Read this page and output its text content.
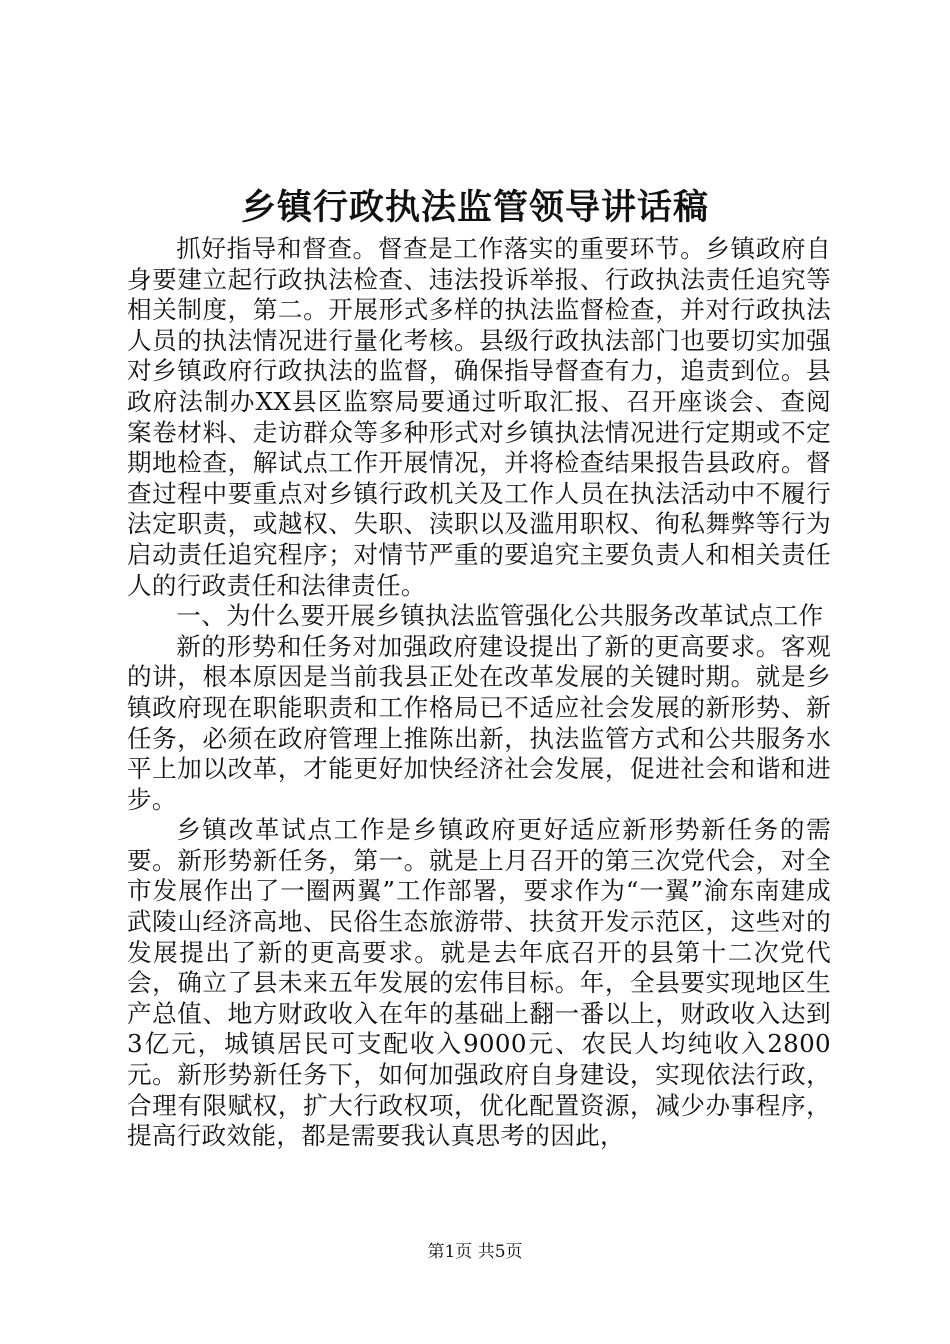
乡镇行政执法监管领导讲话稿

抓好指导和督查。督查是工作落实的重要环节。乡镇政府自身要建立起行政执法检查、违法投诉举报、行政执法责任追究等相关制度，第二。开展形式多样的执法监督检查，并对行政执法人员的执法情况进行量化考核。县级行政执法部门也要切实加强对乡镇政府行政执法的监督，确保指导督查有力，追责到位。县政府法制办XX县区监察局要通过听取汇报、召开座谈会、查阅案卷材料、走访群众等多种形式对乡镇执法情况进行定期或不定期地检查，解试点工作开展情况，并将检查结果报告县政府。督查过程中要重点对乡镇行政机关及工作人员在执法活动中不履行法定职责，或越权、失职、渎职以及滥用职权、徇私舞弊等行为启动责任追究程序；对情节严重的要追究主要负责人和相关责任人的行政责任和法律责任。

一、为什么要开展乡镇执法监管强化公共服务改革试点工作

新的形势和任务对加强政府建设提出了新的更高要求。客观的讲，根本原因是当前我县正处在改革发展的关键时期。就是乡镇政府现在职能职责和工作格局已不适应社会发展的新形势、新任务，必须在政府管理上推陈出新，执法监管方式和公共服务水平上加以改革，才能更好加快经济社会发展，促进社会和谐和进步。

乡镇改革试点工作是乡镇政府更好适应新形势新任务的需要。新形势新任务，第一。就是上月召开的第三次党代会，对全市发展作出了一圈两翼”工作部署，要求作为“一翼”渝东南建成武陵山经济高地、民俗生态旅游带、扶贫开发示范区，这些对的发展提出了新的更高要求。就是去年底召开的县第十二次党代会，确立了县未来五年发展的宏伟目标。年，全县要实现地区生产总值、地方财政收入在年的基础上翻一番以上，财政收入达到3亿元，城镇居民可支配收入9000元、农民人均纯收入2800元。新形势新任务下，如何加强政府自身建设，实现依法行政，合理有限赋权，扩大行政权项，优化配置资源，减少办事程序，提高行政效能，都是需要我认真思考的因此，

第1页 共5页
